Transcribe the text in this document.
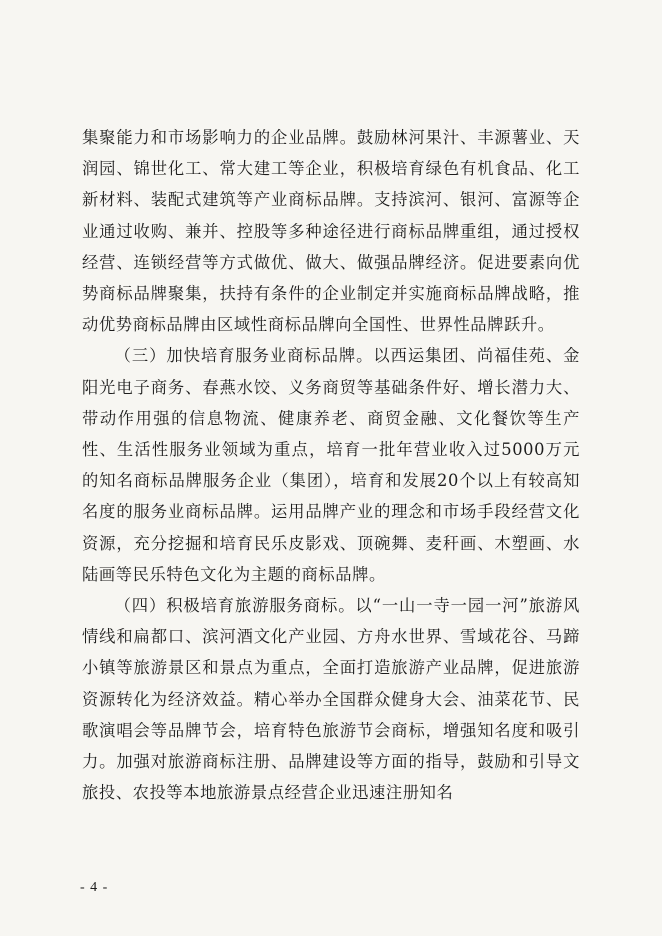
集聚能力和市场影响力的企业品牌。鼓励林河果汁、丰源薯业、天润园、锦世化工、常大建工等企业，积极培育绿色有机食品、化工新材料、装配式建筑等产业商标品牌。支持滨河、银河、富源等企业通过收购、兼并、控股等多种途径进行商标品牌重组，通过授权经营、连锁经营等方式做优、做大、做强品牌经济。促进要素向优势商标品牌聚集，扶持有条件的企业制定并实施商标品牌战略，推动优势商标品牌由区域性商标品牌向全国性、世界性品牌跃升。

（三）加快培育服务业商标品牌。以西运集团、尚福佳苑、金阳光电子商务、春燕水饺、义务商贸等基础条件好、增长潜力大、带动作用强的信息物流、健康养老、商贸金融、文化餐饮等生产性、生活性服务业领域为重点，培育一批年营业收入过5000万元的知名商标品牌服务企业（集团），培育和发展20个以上有较高知名度的服务业商标品牌。运用品牌产业的理念和市场手段经营文化资源，充分挖掘和培育民乐皮影戏、顶碗舞、麦秆画、木塑画、水陆画等民乐特色文化为主题的商标品牌。

（四）积极培育旅游服务商标。以“一山一寺一园一河”旅游风情线和扁都口、滨河酒文化产业园、方舟水世界、雪域花谷、马蹄小镇等旅游景区和景点为重点，全面打造旅游产业品牌，促进旅游资源转化为经济效益。精心举办全国群众健身大会、油菜花节、民歌演唱会等品牌节会，培育特色旅游节会商标，增强知名度和吸引力。加强对旅游商标注册、品牌建设等方面的指导，鼓励和引导文旅投、农投等本地旅游景点经营企业迅速注册知名

- 4 -
